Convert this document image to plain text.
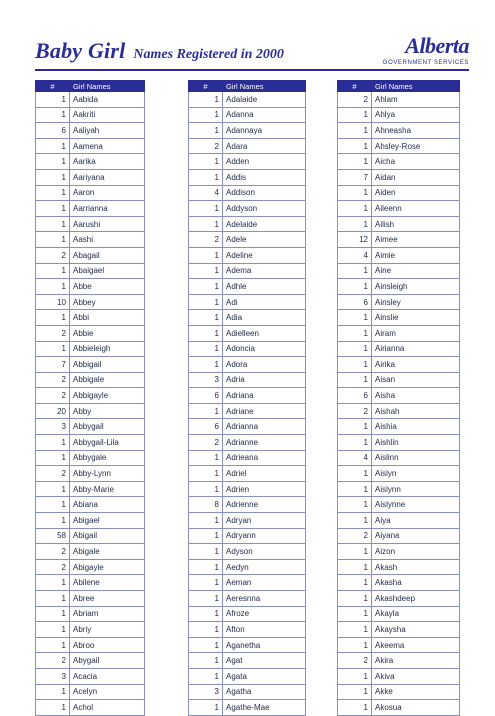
Baby Girl Names Registered in 2000	Alberta
GOVERNMENT SERVICES
#	Girl Names
1	Aabida
1	Aakriti
6	Aaliyah
1	Aamena
1	Aarika
1	Aariyana
1	Aaron
1	Aarrianna
1	Aarushi
1	Aashi
2	Abagail
1	Abaigael
1	Abbe
10	Abbey
1	Abbi
2	Abbie
1	Abbieleigh
7	Abbigail
2	Abbigale
2	Abbigayle
20	Abby
3	Abbygail
1	Abbygail-Lila
1	Abbygale
2	Abby-Lynn
1	Abby-Marie
1	Abiana
1	Abigael
58	Abigail
2	Abigale
2	Abigayle
1	Abilene
1	Abree
1	Abriam
1	Abriy
1	Abroo
2	Abygail
3	Acacia
1	Acelyn
1	Achol
#	Girl Names
1	Adalaide
1	Adanna
1	Adannaya
2	Adara
1	Adden
1	Addis
4	Addison
1	Addyson
1	Adelaide
2	Adele
1	Adeline
1	Adema
1	Adhle
1	Adi
1	Adia
1	Adielleen
1	Adoncia
1	Adora
3	Adria
6	Adriana
1	Adriane
6	Adrianna
2	Adrianne
1	Adrieana
1	Adriel
1	Adrien
8	Adrienne
1	Adryan
1	Adryann
1	Adyson
1	Aedyn
1	Aeman
1	Aeresnna
1	Afroze
1	Afton
1	Aganetha
1	Agat
1	Agata
3	Agatha
1	Agathe-Mae
#	Girl Names
2	Ahlam
1	Ahlya
1	Ahneasha
1	Ahsley-Rose
1	Aicha
7	Aidan
1	Aiden
1	Aileenn
1	Ailish
12	Aimee
4	Aimie
1	Aine
1	Ainsleigh
6	Ainsley
1	Ainslie
1	Airam
1	Airianna
1	Airika
1	Aisan
6	Aisha
2	Aishah
1	Aishia
1	Aishlin
4	Aislinn
1	Aislyn
1	Aislynn
1	Aislynne
1	Aiya
2	Aiyana
1	Aizon
1	Akash
1	Akasha
1	Akashdeep
1	Akayla
1	Akaysha
1	Akeema
2	Akira
1	Akiva
1	Akke
1	Akosua
